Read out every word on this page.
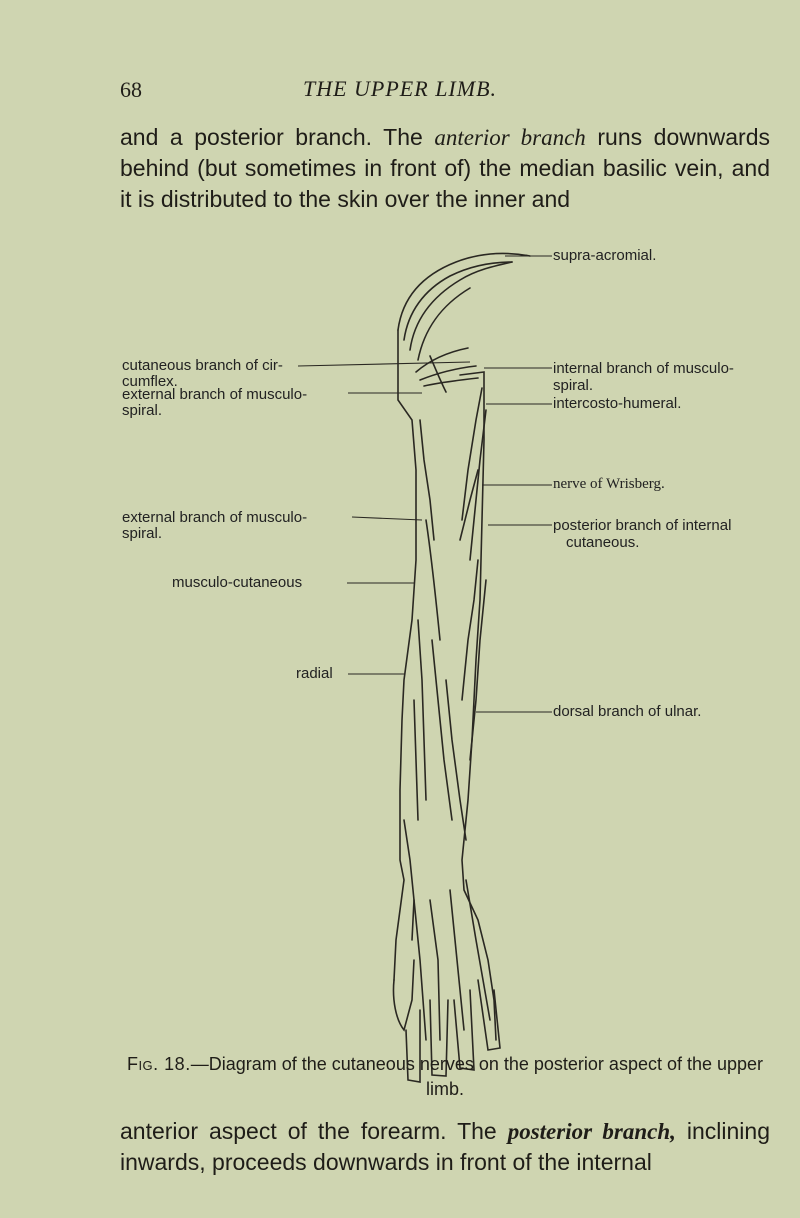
68	THE UPPER LIMB.
and a posterior branch. The anterior branch runs downwards behind (but sometimes in front of) the median basilic vein, and it is distributed to the skin over the inner and
supra-acromial.
cutaneous branch of cir-
cumflex.
external branch of musculo-
spiral.
internal branch of musculo-
spiral.
intercosto-humeral.
nerve of Wrisberg.
external branch of musculo-
spiral.	posterior branch of internal
cutaneous.
musculo-cutaneous
radial
dorsal branch of ulnar.
Fig. 18.—Diagram of the cutaneous nerves on the posterior aspect of the upper limb.
anterior aspect of the forearm. The posterior branch, inclining inwards, proceeds downwards in front of the internal
